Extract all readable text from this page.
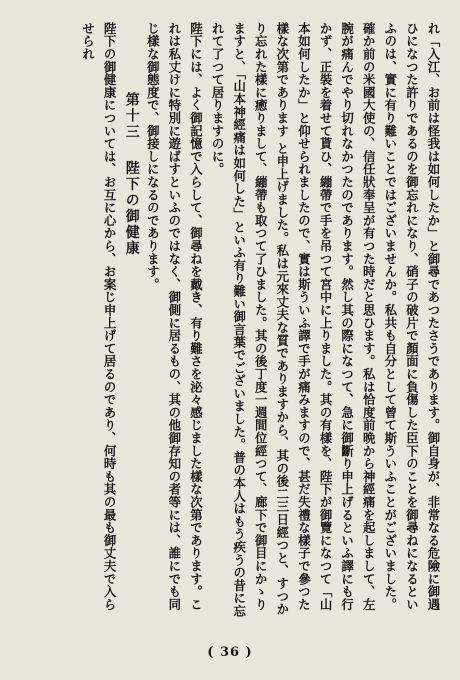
れ「入江、お前は怪我は如何したか」と御尋であつたさうであります。御自身が、非常なる危險に御遇ひになつた許りであるのを御忘れになり、硝子の破片で顏面に負傷した臣下のことを御尋ねになるといふのは、實に有り難いことではございませんか。私共も自分として曾て斯ういふことがございました。

確か前の米國大使の、信任狀奉呈が有つた時だと思ひます。私は恰度前晩から神經痛を起しまして、左腕が痛んでやり切れなかつたのであります。然し其の際になつて、急に御斷り申上げるといふ譯にも行かず、正裝を着せて貰ひ、繃帶で手を吊つて宮中に上りました。其の有樣を、陛下が御覽になつて「山本如何したか」と仰せられましたので、實は斯ういふ譯で手が痛みますので、甚だ失禮な樣子で參つた樣な次第であります と申上げました。私は元來丈夫な質でありますから、其の後二三日經つと、すつかり忘れた樣に癒りまして、繃帶も取つて了ひました。其の後丁度一週間位經つて、廊下で御目にかゝりますと、「山本神經痛は如何した」といふ有り難い御言葉でございました。普の本人はもう疾うの昔に忘れて了つて居りますのに。

陛下には、よく御記憶で入らして、御尋ねを戴き、有り難さを泌々感じました樣な次第であります。これは私丈けに特別に遊ばすといふのではなく、御側に居るもの、其の他御存知の者等には、誰にでも同じ樣な御態度で、御接しになるのであります。

第十三 陛下の御健康

陛下の御健康については、お互に心から、お案じ申上げて居るのであり、何時も其の最も御丈夫で入らせられ

( 36 )
